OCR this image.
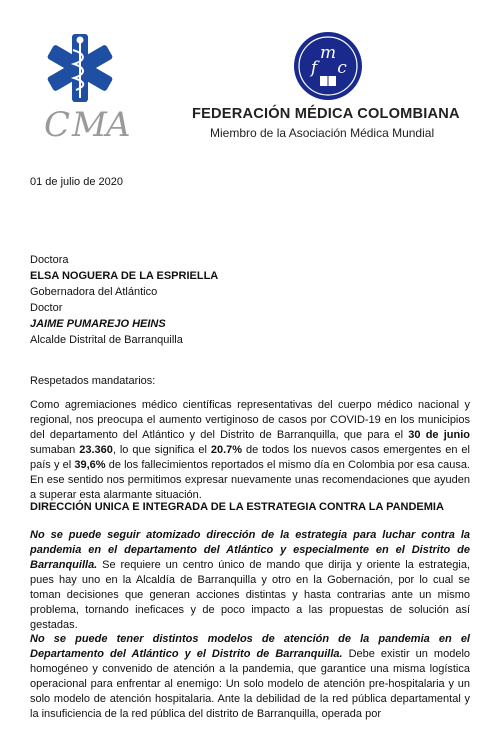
C M A
m
f c
FEDERACIÓN MÉDICA COLOMBIANA
Miembro de la Asociación Médica Mundial
01 de julio de 2020
Doctora
ELSA NOGUERA DE LA ESPRIELLA
Gobernadora del Atlántico
Doctor
JAIME PUMAREJO HEINS
Alcalde Distrital de Barranquilla
Respetados mandatarios:
Como agremiaciones médico científicas representativas del cuerpo médico nacional y regional, nos preocupa el aumento vertiginoso de casos por COVID-19 en los municipios del departamento del Atlántico y del Distrito de Barranquilla, que para el 30 de junio sumaban 23.360, lo que significa el 20.7% de todos los nuevos casos emergentes en el país y el 39,6% de los fallecimientos reportados el mismo día en Colombia por esa causa. En ese sentido nos permitimos expresar nuevamente unas recomendaciones que ayuden a superar esta alarmante situación.
DIRECCIÓN UNICA E INTEGRADA DE LA ESTRATEGIA CONTRA LA PANDEMIA
No se puede seguir atomizado dirección de la estrategia para luchar contra la pandemia en el departamento del Atlántico y especialmente en el Distrito de Barranquilla. Se requiere un centro único de mando que dirija y oriente la estrategia, pues hay uno en la Alcaldía de Barranquilla y otro en la Gobernación, por lo cual se toman decisiones que generan acciones distintas y hasta contrarias ante un mismo problema, tornando ineficaces y de poco impacto a las propuestas de solución así gestadas.
No se puede tener distintos modelos de atención de la pandemia en el Departamento del Atlántico y el Distrito de Barranquilla. Debe existir un modelo homogéneo y convenido de atención a la pandemia, que garantice una misma logística operacional para enfrentar al enemigo: Un solo modelo de atención pre-hospitalaria y un solo modelo de atención hospitalaria. Ante la debilidad de la red pública departamental y la insuficiencia de la red pública del distrito de Barranquilla, operada por
